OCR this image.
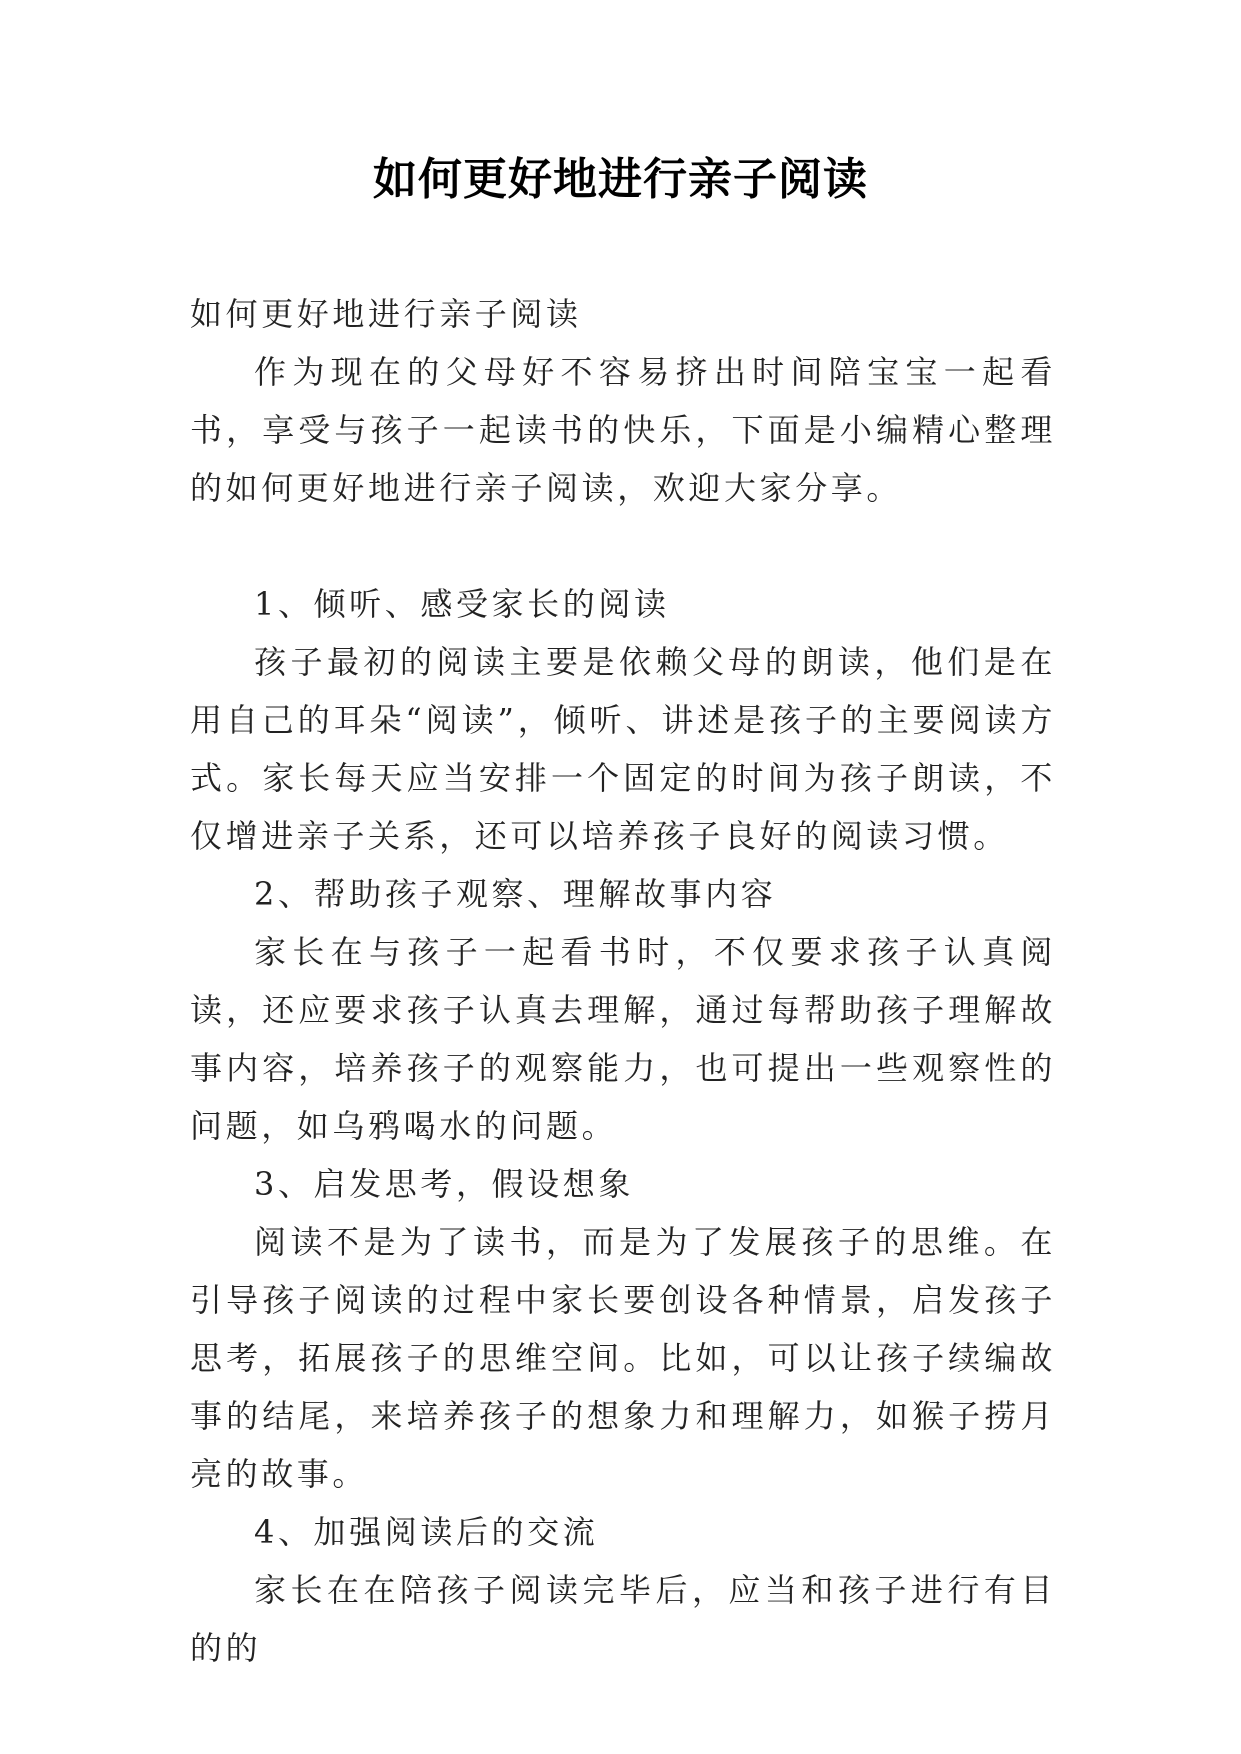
如何更好地进行亲子阅读

如何更好地进行亲子阅读

作为现在的父母好不容易挤出时间陪宝宝一起看书，享受与孩子一起读书的快乐，下面是小编精心整理的如何更好地进行亲子阅读，欢迎大家分享。

1、倾听、感受家长的阅读

孩子最初的阅读主要是依赖父母的朗读，他们是在用自己的耳朵“阅读”，倾听、讲述是孩子的主要阅读方式。家长每天应当安排一个固定的时间为孩子朗读，不仅增进亲子关系，还可以培养孩子良好的阅读习惯。

2、帮助孩子观察、理解故事内容

家长在与孩子一起看书时，不仅要求孩子认真阅读，还应要求孩子认真去理解，通过每帮助孩子理解故事内容，培养孩子的观察能力，也可提出一些观察性的问题，如乌鸦喝水的问题。

3、启发思考，假设想象

阅读不是为了读书，而是为了发展孩子的思维。在引导孩子阅读的过程中家长要创设各种情景，启发孩子思考，拓展孩子的思维空间。比如，可以让孩子续编故事的结尾，来培养孩子的想象力和理解力，如猴子捞月亮的故事。

4、加强阅读后的交流

家长在在陪孩子阅读完毕后，应当和孩子进行有目的的
